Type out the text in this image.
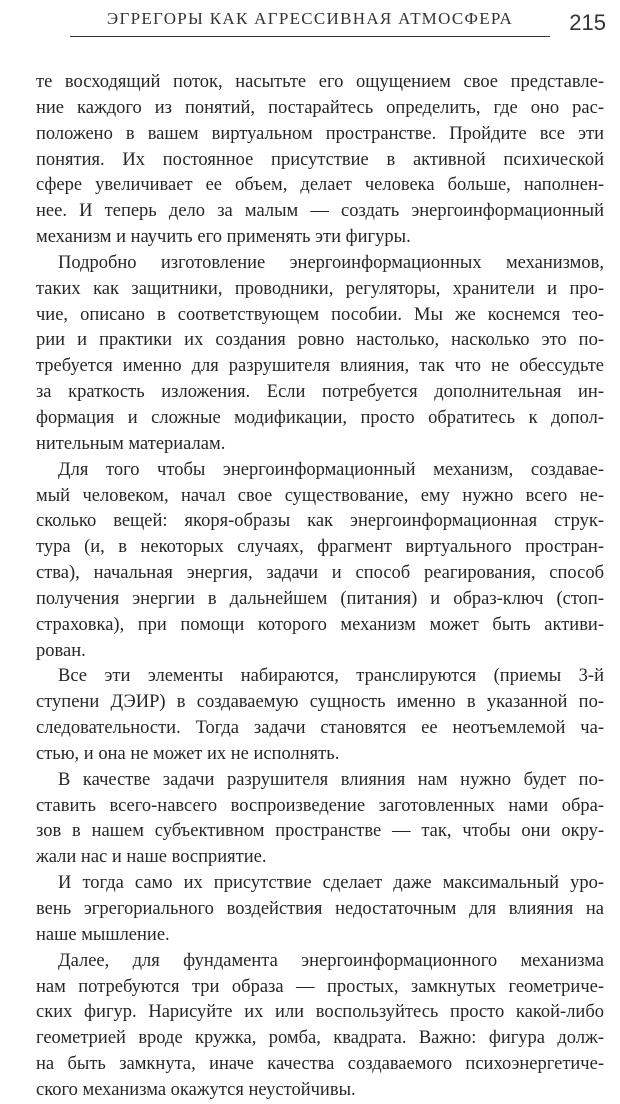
ЭГРЕГОРЫ КАК АГРЕССИВНАЯ АТМОСФЕРА	215
те восходящий поток, насытьте его ощущением свое представле-
ние каждого из понятий, постарайтесь определить, где оно рас-
положено в вашем виртуальном пространстве. Пройдите все эти
понятия. Их постоянное присутствие в активной психической
сфере увеличивает ее объем, делает человека больше, наполнен-
нее. И теперь дело за малым — создать энергоинформационный
механизм и научить его применять эти фигуры.
Подробно изготовление энергоинформационных механизмов,
таких как защитники, проводники, регуляторы, хранители и про-
чие, описано в соответствующем пособии. Мы же коснемся тео-
рии и практики их создания ровно настолько, насколько это по-
требуется именно для разрушителя влияния, так что не обессудьте
за краткость изложения. Если потребуется дополнительная ин-
формация и сложные модификации, просто обратитесь к допол-
нительным материалам.
Для того чтобы энергоинформационный механизм, создавае-
мый человеком, начал свое существование, ему нужно всего не-
сколько вещей: якоря-образы как энергоинформационная струк-
тура (и, в некоторых случаях, фрагмент виртуального простран-
ства), начальная энергия, задачи и способ реагирования, способ
получения энергии в дальнейшем (питания) и образ-ключ (стоп-
страховка), при помощи которого механизм может быть активи-
рован.
Все эти элементы набираются, транслируются (приемы 3-й
ступени ДЭИР) в создаваемую сущность именно в указанной по-
следовательности. Тогда задачи становятся ее неотъемлемой ча-
стью, и она не может их не исполнять.
В качестве задачи разрушителя влияния нам нужно будет по-
ставить всего-навсего воспроизведение заготовленных нами обра-
зов в нашем субъективном пространстве — так, чтобы они окру-
жали нас и наше восприятие.
И тогда само их присутствие сделает даже максимальный уро-
вень эгрегориального воздействия недостаточным для влияния на
наше мышление.
Далее, для фундамента энергоинформационного механизма
нам потребуются три образа — простых, замкнутых геометриче-
ских фигур. Нарисуйте их или воспользуйтесь просто какой-либо
геометрией вроде кружка, ромба, квадрата. Важно: фигура долж-
на быть замкнута, иначе качества создаваемого психоэнергетиче-
ского механизма окажутся неустойчивы.
